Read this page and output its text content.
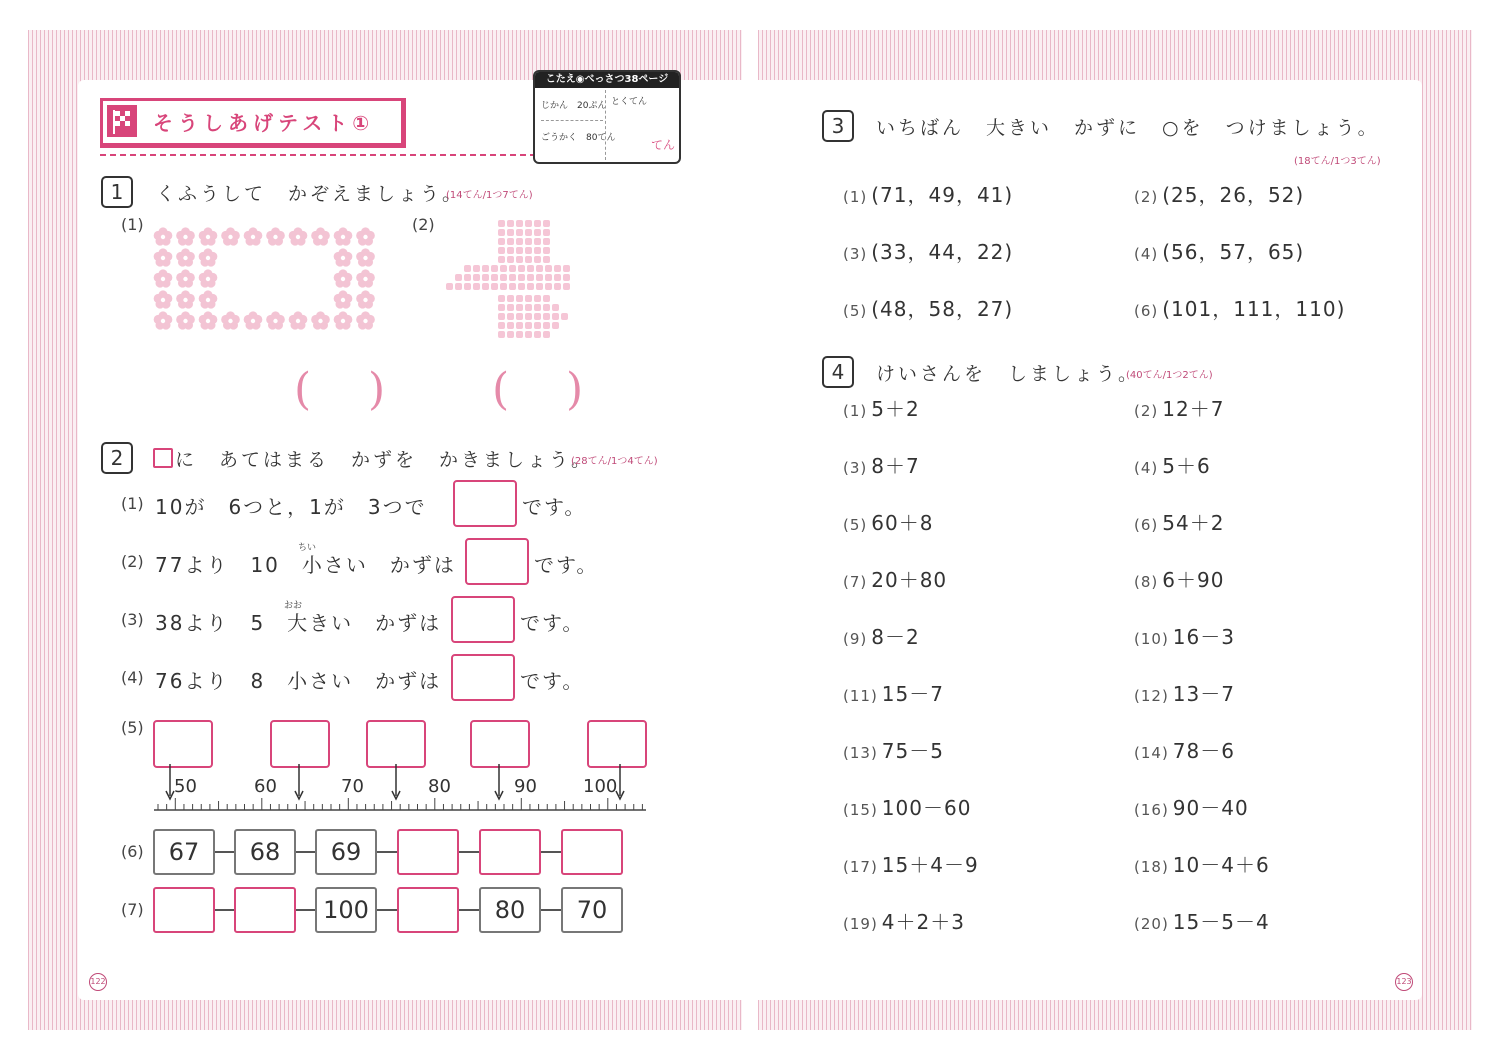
そうしあげテスト①
こたえ◉べっさつ38ページ
じかん　20ぷん
ごうかく　80てん
とくてん
てん
1	くふうして　かぞえましょう。
(14てん/1つ7てん)
(1)	(2)
( ) ( )
2	に　あてはまる　かずを　かきましょう。
(28てん/1つ4てん)
(1) 10が　6つと，1が　3つで	です。
(2)
ちい
77より　10　小さい　かずは	です。
(3)
おお
38より　5　大きい　かずは	です。
(4) 76より　8　小さい　かずは	です。
(5)
50	60	70	80	90	100
(6)	67	68	69
(7)	100	80	70
122
3	いちばん　大きい　かずに　○を　つけましょう。
(18てん/1つ3てん)
(1) (71，49，41)	(2) (25，26，52)
(3) (33，44，22)	(4) (56，57，65)
(5) (48，58，27)	(6) (101，111，110)
4	けいさんを　しましょう。
(40てん/1つ2てん)
(1) 5＋2	(2) 12＋7
(3) 8＋7	(4) 5＋6
(5) 60＋8	(6) 54＋2
(7) 20＋80	(8) 6＋90
(9) 8－2	(10) 16－3
(11) 15－7	(12) 13－7
(13) 75－5	(14) 78－6
(15) 100－60	(16) 90－40
(17) 15＋4－9	(18) 10－4＋6
(19) 4＋2＋3	(20) 15－5－4
123
